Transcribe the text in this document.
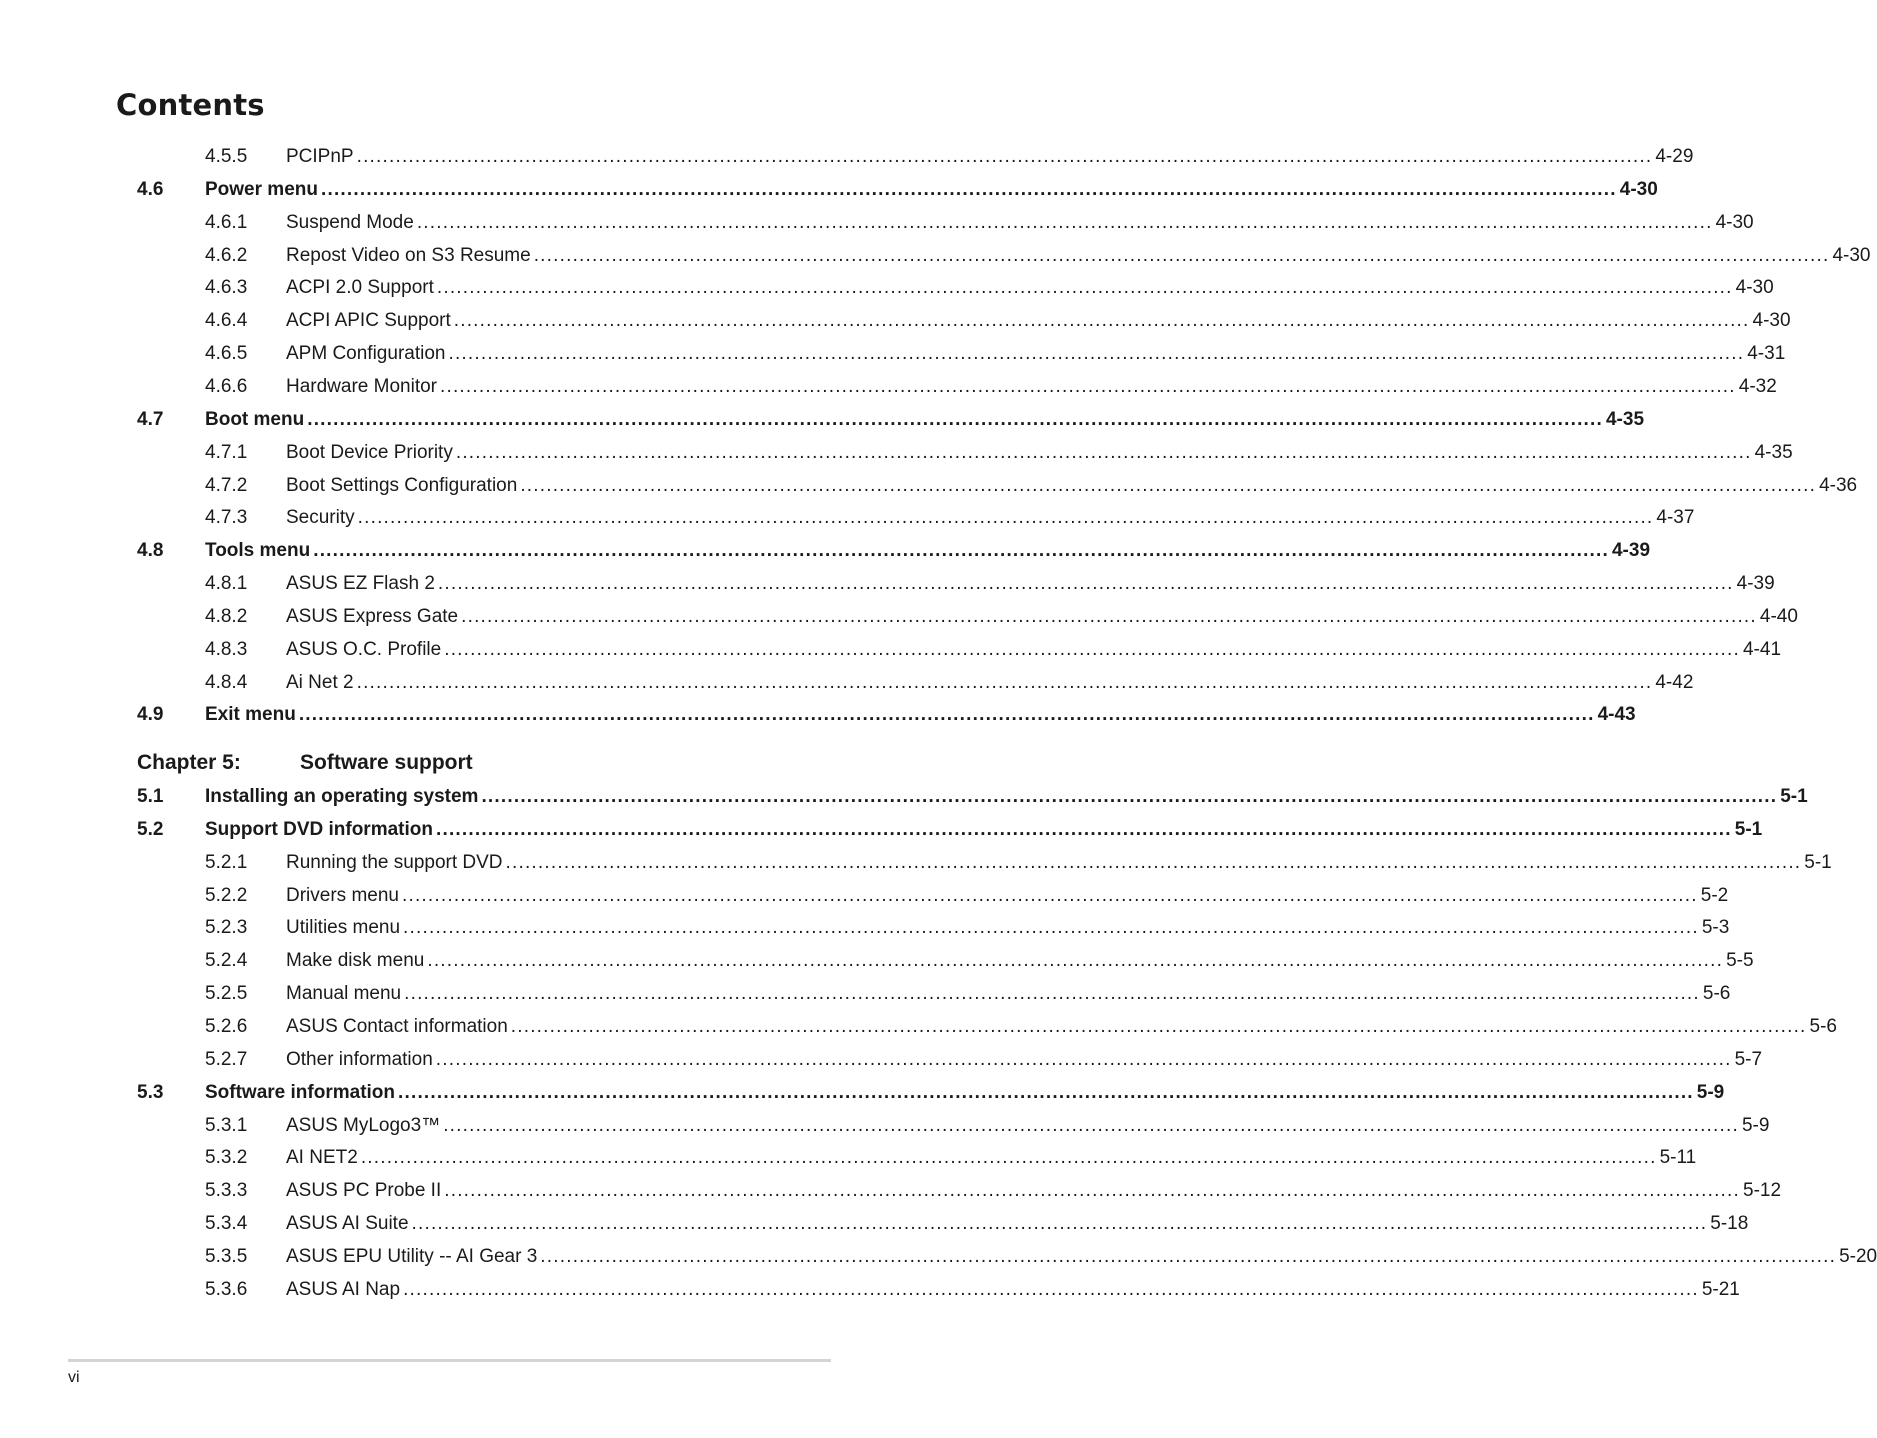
Contents
4.5.5	PCIPnP ........................................................................................................................................................................................................ 4-29
4.6	Power menu ........................................................................................................................................................................................................ 4-30
4.6.1	Suspend Mode ........................................................................................................................................................................................................ 4-30
4.6.2	Repost Video on S3 Resume ........................................................................................................................................................................................................ 4-30
4.6.3	ACPI 2.0 Support ........................................................................................................................................................................................................ 4-30
4.6.4	ACPI APIC Support ........................................................................................................................................................................................................ 4-30
4.6.5	APM Configuration ........................................................................................................................................................................................................ 4-31
4.6.6	Hardware Monitor ........................................................................................................................................................................................................ 4-32
4.7	Boot menu ........................................................................................................................................................................................................ 4-35
4.7.1	Boot Device Priority ........................................................................................................................................................................................................ 4-35
4.7.2	Boot Settings Configuration ........................................................................................................................................................................................................ 4-36
4.7.3	Security ........................................................................................................................................................................................................ 4-37
4.8	Tools menu ........................................................................................................................................................................................................ 4-39
4.8.1	ASUS EZ Flash 2 ........................................................................................................................................................................................................ 4-39
4.8.2	ASUS Express Gate ........................................................................................................................................................................................................ 4-40
4.8.3	ASUS O.C. Profile ........................................................................................................................................................................................................ 4-41
4.8.4	Ai Net 2 ........................................................................................................................................................................................................ 4-42
4.9	Exit menu ........................................................................................................................................................................................................ 4-43
5.1	Installing an operating system ........................................................................................................................................................................................................ 5-1
5.2	Support DVD information ........................................................................................................................................................................................................ 5-1
5.2.1	Running the support DVD ........................................................................................................................................................................................................ 5-1
5.2.2	Drivers menu ........................................................................................................................................................................................................ 5-2
5.2.3	Utilities menu ........................................................................................................................................................................................................ 5-3
5.2.4	Make disk menu ........................................................................................................................................................................................................ 5-5
5.2.5	Manual menu ........................................................................................................................................................................................................ 5-6
5.2.6	ASUS Contact information ........................................................................................................................................................................................................ 5-6
5.2.7	Other information ........................................................................................................................................................................................................ 5-7
5.3	Software information ........................................................................................................................................................................................................ 5-9
5.3.1	ASUS MyLogo3™ ........................................................................................................................................................................................................ 5-9
5.3.2	AI NET2 ........................................................................................................................................................................................................ 5-11
5.3.3	ASUS PC Probe II ........................................................................................................................................................................................................ 5-12
5.3.4	ASUS AI Suite ........................................................................................................................................................................................................ 5-18
5.3.5	ASUS EPU Utility -- AI Gear 3 ........................................................................................................................................................................................................ 5-20
5.3.6	ASUS AI Nap ........................................................................................................................................................................................................ 5-21
Chapter 5:	Software support
vi
